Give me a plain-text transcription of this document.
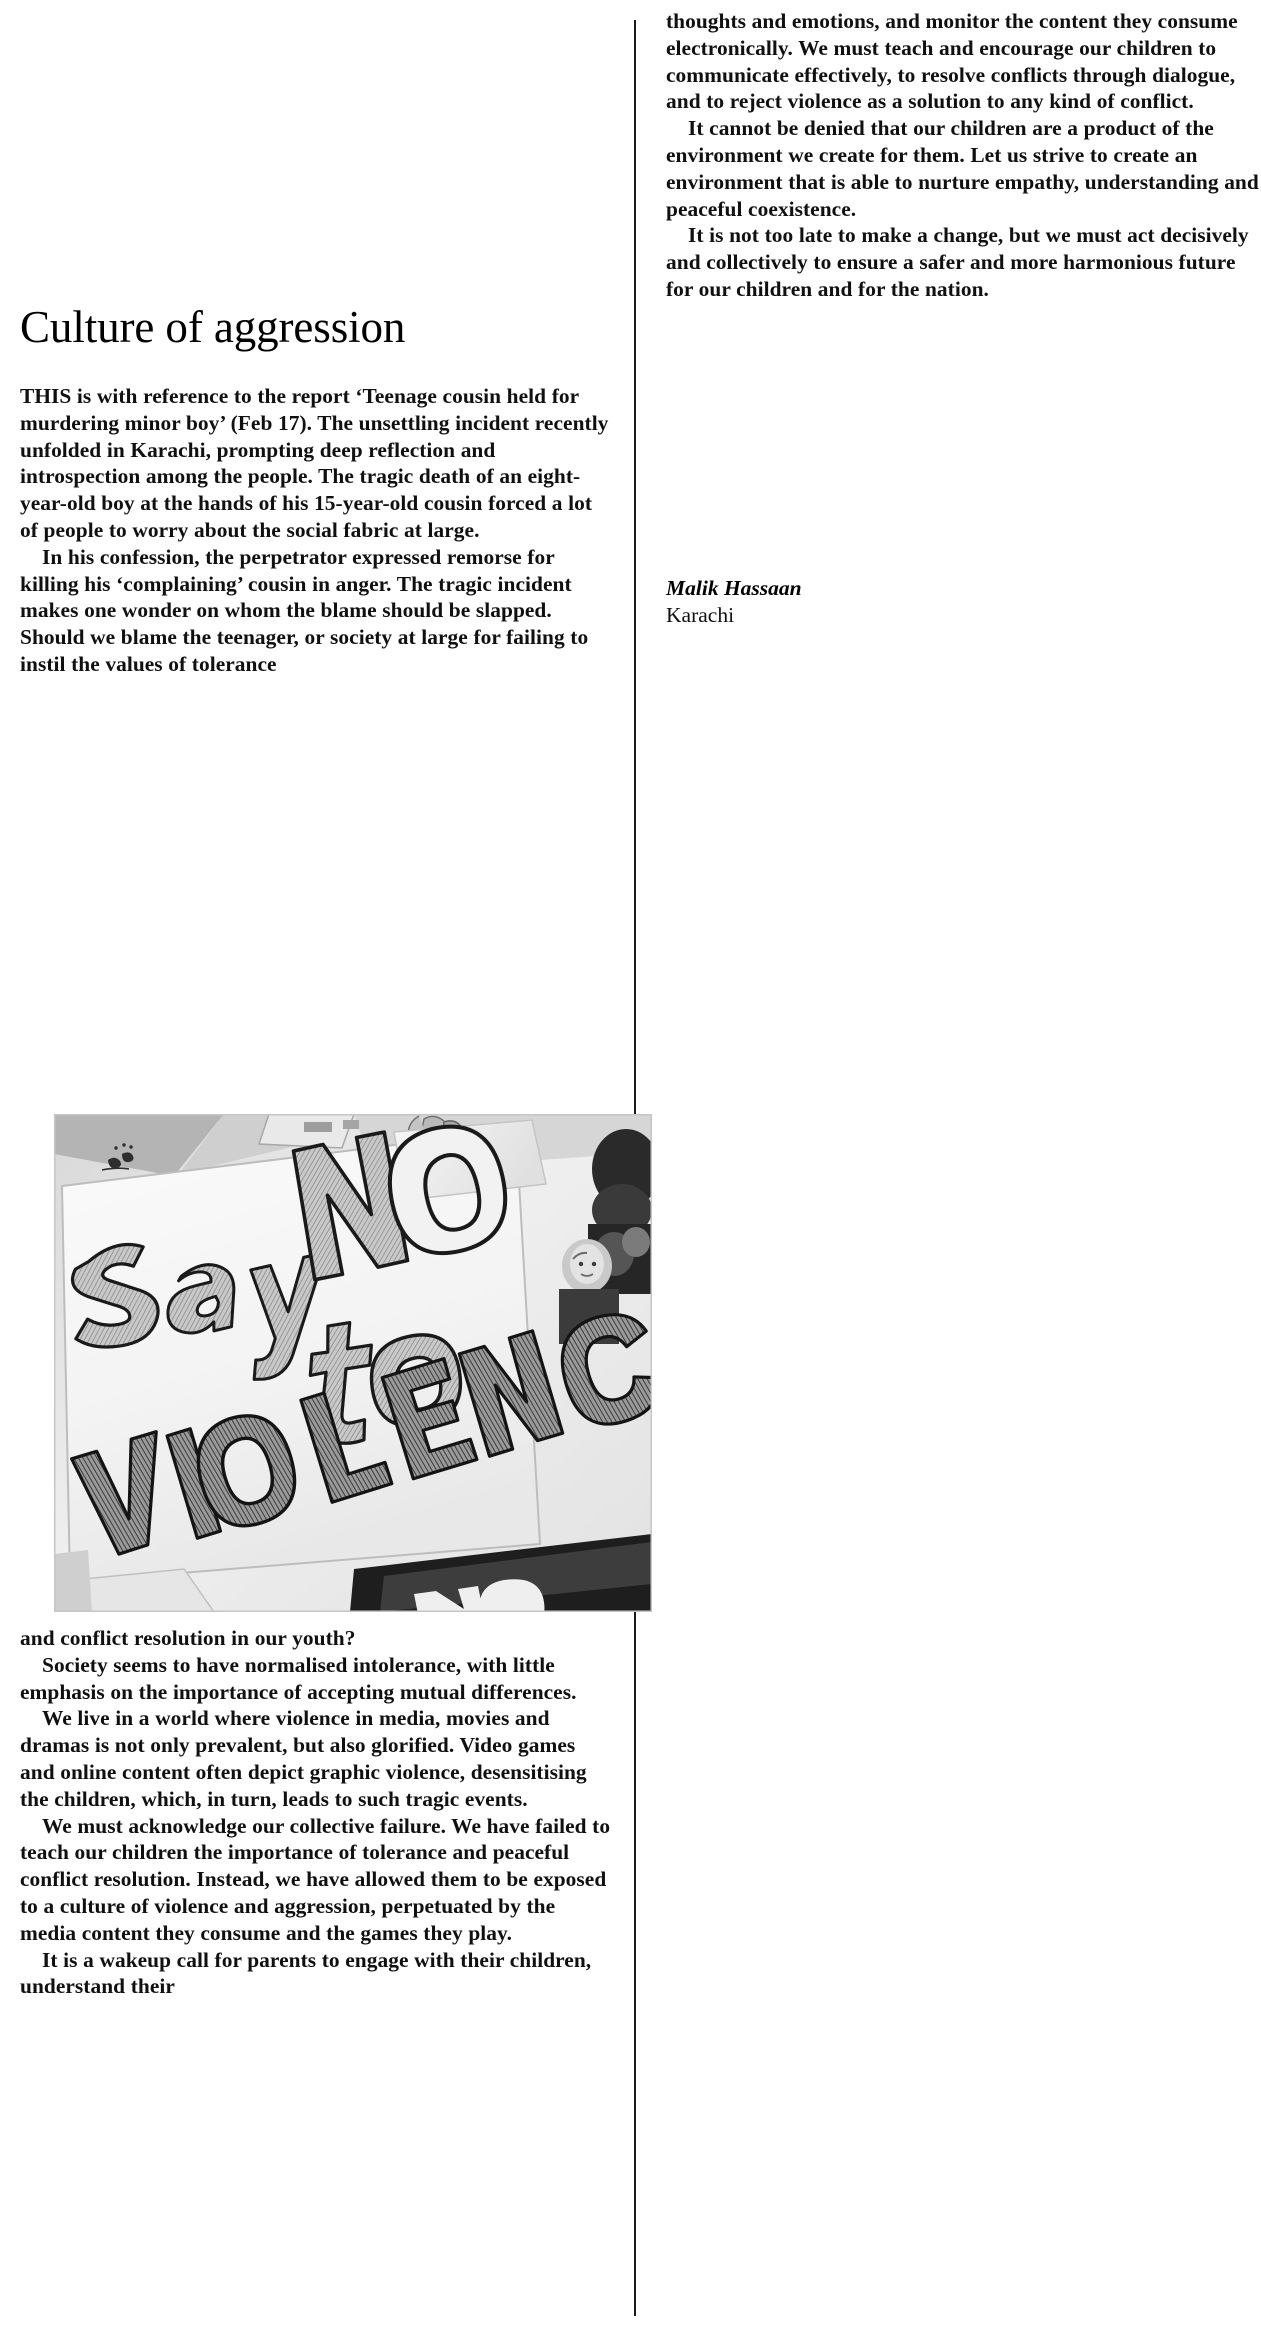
Culture of aggression

THIS is with reference to the report ‘Teenage cousin held for murdering minor boy’ (Feb 17). The unsettling incident recently unfolded in Karachi, prompting deep reflection and introspection among the people. The tragic death of an eight-year-old boy at the hands of his 15-year-old cousin forced a lot of people to worry about the social fabric at large.

In his confession, the perpetrator expressed remorse for killing his ‘complaining’ cousin in anger. The tragic incident makes one wonder on whom the blame should be slapped. Should we blame the teenager, or society at large for failing to instil the values of tolerance

and conflict resolution in our youth?

Society seems to have normalised intolerance, with little emphasis on the importance of accepting mutual differences.

We live in a world where violence in media, movies and dramas is not only prevalent, but also glorified. Video games and online content often depict graphic violence, desensitising the children, which, in turn, leads to such tragic events.

We must acknowledge our collective failure. We have failed to teach our children the importance of tolerance and peaceful conflict resolution. Instead, we have allowed them to be exposed to a culture of violence and aggression, perpetuated by the media content they consume and the games they play.

It is a wakeup call for parents to engage with their children, understand their

thoughts and emotions, and monitor the content they consume electronically. We must teach and encourage our children to communicate effectively, to resolve conflicts through dialogue, and to reject violence as a solution to any kind of conflict.

It cannot be denied that our children are a product of the environment we create for them. Let us strive to create an environment that is able to nurture empathy, understanding and peaceful coexistence.

It is not too late to make a change, but we must act decisively and collectively to ensure a safer and more harmonious future for our children and for the nation.

Malik Hassaan
Karachi
